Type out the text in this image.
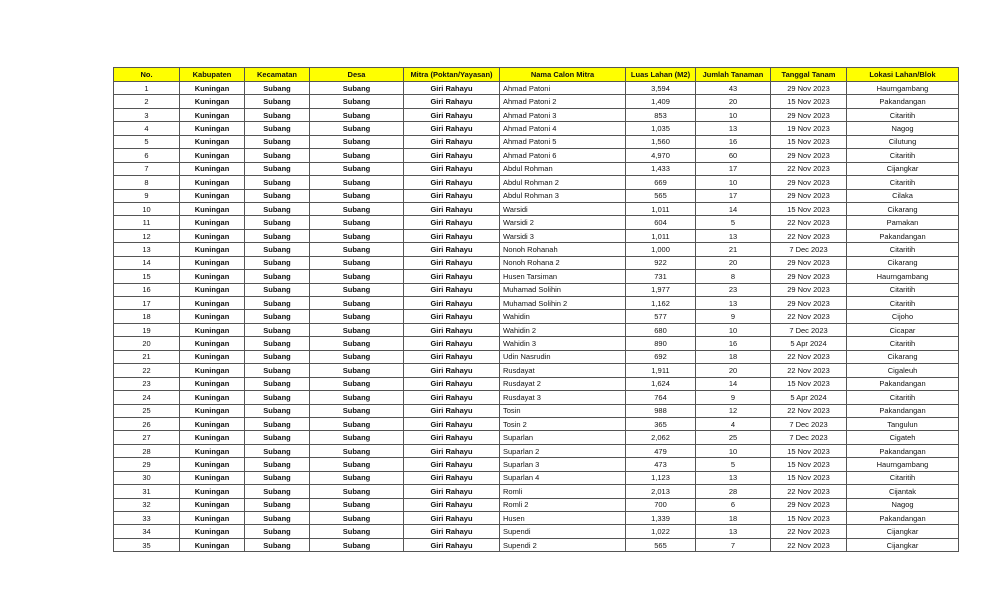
No.	Kabupaten	Kecamatan	Desa	Mitra (Poktan/Yayasan)	Nama Calon Mitra	Luas Lahan (M2)	Jumlah Tanaman	Tanggal Tanam	Lokasi Lahan/Blok
1	Kuningan	Subang	Subang	Giri Rahayu	Ahmad Patoni	3,594	43	29 Nov 2023	Haurngambang
2	Kuningan	Subang	Subang	Giri Rahayu	Ahmad Patoni 2	1,409	20	15 Nov 2023	Pakandangan
3	Kuningan	Subang	Subang	Giri Rahayu	Ahmad Patoni 3	853	10	29 Nov 2023	Citaritih
4	Kuningan	Subang	Subang	Giri Rahayu	Ahmad Patoni 4	1,035	13	19 Nov 2023	Nagog
5	Kuningan	Subang	Subang	Giri Rahayu	Ahmad Patoni 5	1,560	16	15 Nov 2023	Cilutung
6	Kuningan	Subang	Subang	Giri Rahayu	Ahmad Patoni 6	4,970	60	29 Nov 2023	Citaritih
7	Kuningan	Subang	Subang	Giri Rahayu	Abdul Rohman	1,433	17	22 Nov 2023	Cijangkar
8	Kuningan	Subang	Subang	Giri Rahayu	Abdul Rohman 2	669	10	29 Nov 2023	Citaritih
9	Kuningan	Subang	Subang	Giri Rahayu	Abdul Rohman 3	565	17	29 Nov 2023	Cilaka
10	Kuningan	Subang	Subang	Giri Rahayu	Warsidi	1,011	14	15 Nov 2023	Cikarang
11	Kuningan	Subang	Subang	Giri Rahayu	Warsidi 2	604	5	22 Nov 2023	Pamakan
12	Kuningan	Subang	Subang	Giri Rahayu	Warsidi 3	1,011	13	22 Nov 2023	Pakandangan
13	Kuningan	Subang	Subang	Giri Rahayu	Nonoh Rohanah	1,000	21	7 Dec 2023	Citaritih
14	Kuningan	Subang	Subang	Giri Rahayu	Nonoh Rohana 2	922	20	29 Nov 2023	Cikarang
15	Kuningan	Subang	Subang	Giri Rahayu	Husen Tarsiman	731	8	29 Nov 2023	Haurngambang
16	Kuningan	Subang	Subang	Giri Rahayu	Muhamad Solihin	1,977	23	29 Nov 2023	Citaritih
17	Kuningan	Subang	Subang	Giri Rahayu	Muhamad Solihin 2	1,162	13	29 Nov 2023	Citaritih
18	Kuningan	Subang	Subang	Giri Rahayu	Wahidin	577	9	22 Nov 2023	Cijoho
19	Kuningan	Subang	Subang	Giri Rahayu	Wahidin 2	680	10	7 Dec 2023	Cicapar
20	Kuningan	Subang	Subang	Giri Rahayu	Wahidin 3	890	16	5 Apr 2024	Citaritih
21	Kuningan	Subang	Subang	Giri Rahayu	Udin Nasrudin	692	18	22 Nov 2023	Cikarang
22	Kuningan	Subang	Subang	Giri Rahayu	Rusdayat	1,911	20	22 Nov 2023	Cigaleuh
23	Kuningan	Subang	Subang	Giri Rahayu	Rusdayat 2	1,624	14	15 Nov 2023	Pakandangan
24	Kuningan	Subang	Subang	Giri Rahayu	Rusdayat 3	764	9	5 Apr 2024	Citaritih
25	Kuningan	Subang	Subang	Giri Rahayu	Tosin	988	12	22 Nov 2023	Pakandangan
26	Kuningan	Subang	Subang	Giri Rahayu	Tosin 2	365	4	7 Dec 2023	Tangulun
27	Kuningan	Subang	Subang	Giri Rahayu	Suparlan	2,062	25	7 Dec 2023	Cigateh
28	Kuningan	Subang	Subang	Giri Rahayu	Suparlan 2	479	10	15 Nov 2023	Pakandangan
29	Kuningan	Subang	Subang	Giri Rahayu	Suparlan 3	473	5	15 Nov 2023	Haurngambang
30	Kuningan	Subang	Subang	Giri Rahayu	Suparlan 4	1,123	13	15 Nov 2023	Citaritih
31	Kuningan	Subang	Subang	Giri Rahayu	Romli	2,013	28	22 Nov 2023	Cijantak
32	Kuningan	Subang	Subang	Giri Rahayu	Romli 2	700	6	29 Nov 2023	Nagog
33	Kuningan	Subang	Subang	Giri Rahayu	Husen	1,339	18	15 Nov 2023	Pakandangan
34	Kuningan	Subang	Subang	Giri Rahayu	Supendi	1,022	13	22 Nov 2023	Cijangkar
35	Kuningan	Subang	Subang	Giri Rahayu	Supendi 2	565	7	22 Nov 2023	Cijangkar
